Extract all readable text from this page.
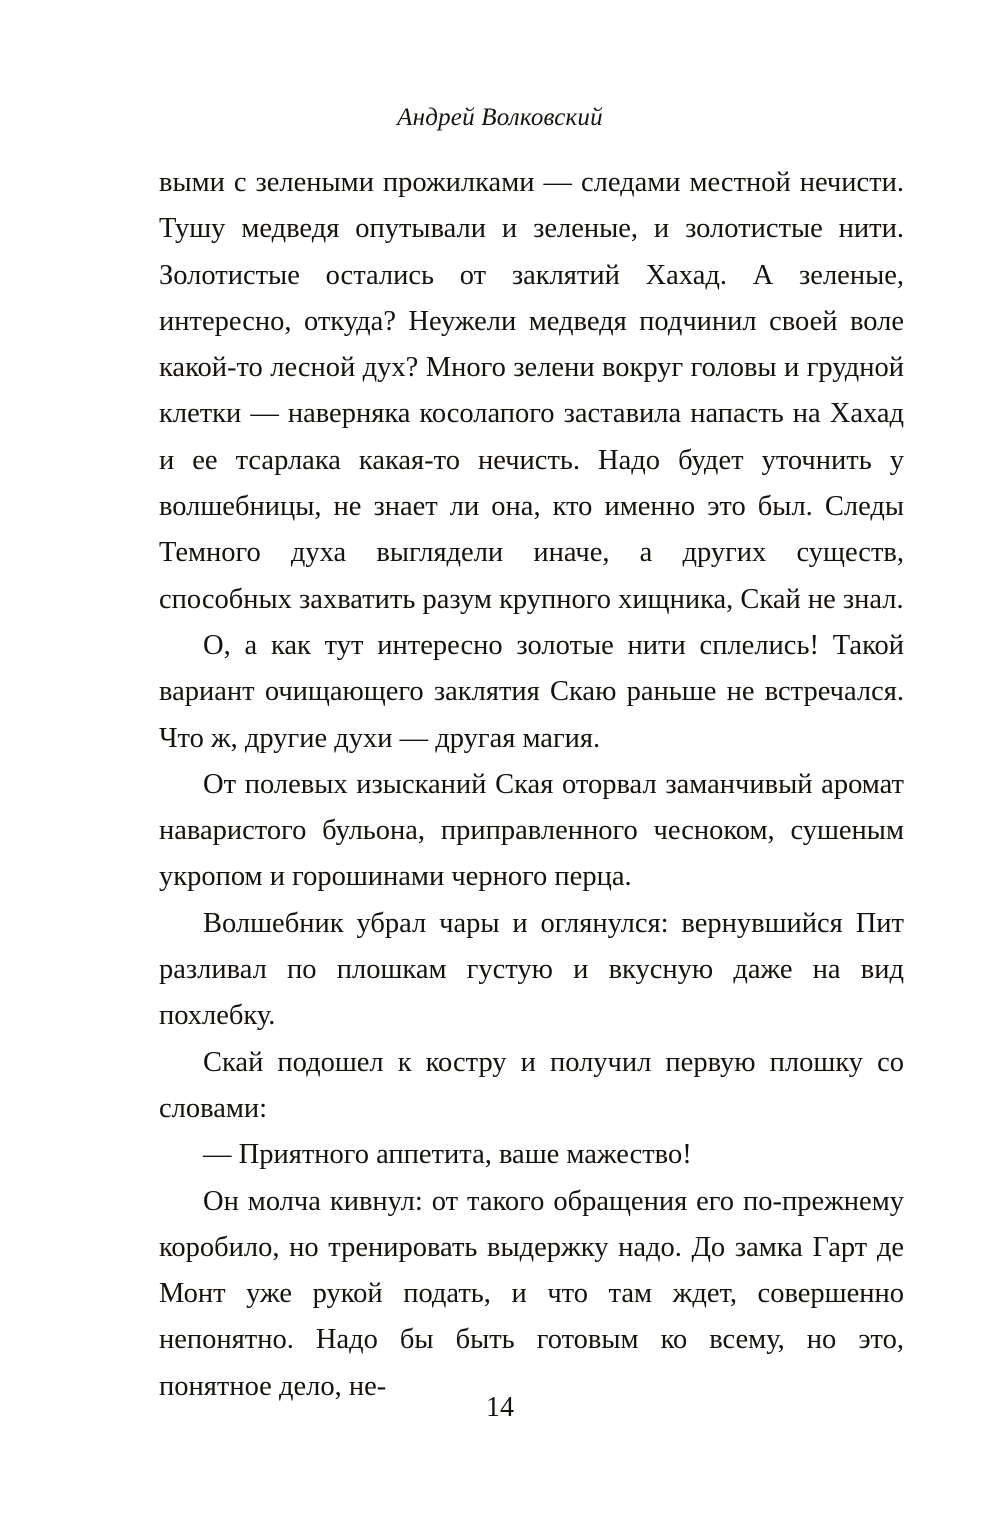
Андрей Волковский

выми с зелеными прожилками — следами местной нечисти. Тушу медведя опутывали и зеленые, и золотистые нити. Золотистые остались от заклятий Хахад. А зеленые, интересно, откуда? Неужели медведя подчинил своей воле какой-то лесной дух? Много зелени вокруг головы и грудной клетки — наверняка косолапого заставила напасть на Хахад и ее тсарлака какая-то нечисть. Надо будет уточнить у волшебницы, не знает ли она, кто именно это был. Следы Темного духа выглядели иначе, а других существ, способных захватить разум крупного хищника, Скай не знал.

О, а как тут интересно золотые нити сплелись! Такой вариант очищающего заклятия Скаю раньше не встречался. Что ж, другие духи — другая магия.

От полевых изысканий Ская оторвал заманчивый аромат наваристого бульона, приправленного чесноком, сушеным укропом и горошинами черного перца.

Волшебник убрал чары и оглянулся: вернувшийся Пит разливал по плошкам густую и вкусную даже на вид похлебку.

Скай подошел к костру и получил первую плошку со словами:

— Приятного аппетита, ваше мажество!

Он молча кивнул: от такого обращения его по-прежнему коробило, но тренировать выдержку надо. До замка Гарт де Монт уже рукой подать, и что там ждет, совершенно непонятно. Надо бы быть готовым ко всему, но это, понятное дело, не-

14
